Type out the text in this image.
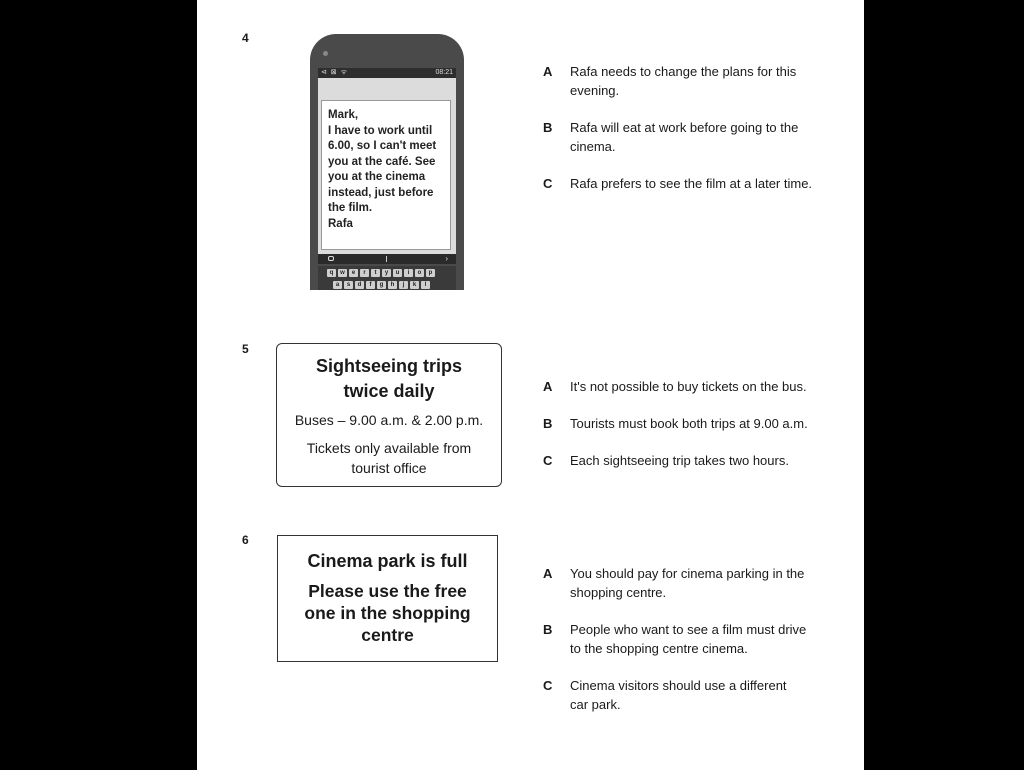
4
⊲ ⊠ ᯤ	08:21
Mark,
I have to work until
6.00, so I can't meet
you at the café. See
you at the cinema
instead, just before
the film.
Rafa
›
q	w	e	r	t	y	u	i	o	p
a	s	d	f	g	h	j	k	l
A Rafa needs to change the plans for this evening.
B Rafa will eat at work before going to the cinema.
C Rafa prefers to see the film at a later time.
5
Sightseeing trips
twice daily
Buses – 9.00 a.m. & 2.00 p.m.
Tickets only available from
tourist office
A It's not possible to buy tickets on the bus.
B Tourists must book both trips at 9.00 a.m.
C Each sightseeing trip takes two hours.
6
Cinema park is full
Please use the free
one in the shopping
centre
A You should pay for cinema parking in the shopping centre.
B People who want to see a film must drive to the shopping centre cinema.
C Cinema visitors should use a different car park.
